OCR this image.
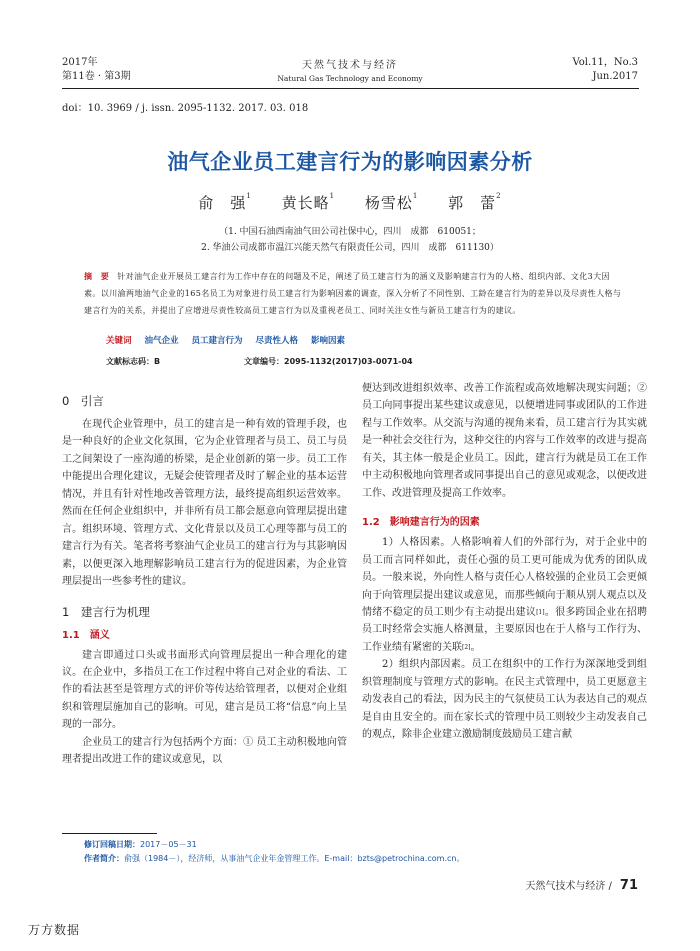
2017年
第11卷 · 第3期
天然气技术与经济
Natural Gas Technology and Economy
Vol.11，No.3
Jun.2017
doi：10. 3969 / j. issn. 2095-1132. 2017. 03. 018
油气企业员工建言行为的影响因素分析
俞　强$^1$ 黄长略$^1$ 杨雪松$^1$ 郭　蕾$^2$
（1. 中国石油西南油气田公司社保中心，四川　成都　610051；
2. 华油公司成都市温江兴能天然气有限责任公司，四川　成都　611130）
摘　要 针对油气企业开展员工建言行为工作中存在的问题及不足，阐述了员工建言行为的涵义及影响建言行为的人格、组织内部、文化3大因素。以川渝两地油气企业的165名员工为对象进行员工建言行为影响因素的调查，深入分析了不同性别、工龄在建言行为的差异以及尽责性人格与建言行为的关系，并提出了应增进尽责性较高员工建言行为以及重视老员工、同时关注女性与新员工建言行为的建议。
关键词 油气企业 员工建言行为 尽责性人格 影响因素
文献标志码：B	文章编号：2095-1132(2017)03-0071-04
0　引言

在现代企业管理中，员工的建言是一种有效的管理手段，也是一种良好的企业文化氛围，它为企业管理者与员工、员工与员工之间架设了一座沟通的桥梁，是企业创新的第一步。员工工作中能提出合理化建议，无疑会使管理者及时了解企业的基本运营情况，并且有针对性地改善管理方法，最终提高组织运营效率。然而在任何企业组织中，并非所有员工都会愿意向管理层提出建言。组织环境、管理方式、文化背景以及员工心理等都与员工的建言行为有关。笔者将考察油气企业员工的建言行为与其影响因素，以便更深入地理解影响员工建言行为的促进因素，为企业管理层提出一些参考性的建议。

1　建言行为机理
1.1　涵义

建言即通过口头或书面形式向管理层提出一种合理化的建议。在企业中，多指员工在工作过程中将自己对企业的看法、工作的看法甚至是管理方式的评价等传达给管理者，以便对企业组织和管理层施加自己的影响。可见，建言是员工将“信息”向上呈现的一部分。

企业员工的建言行为包括两个方面：① 员工主动积极地向管理者提出改进工作的建议或意见，以

便达到改进组织效率、改善工作流程或高效地解决现实问题；② 员工向同事提出某些建议或意见，以便增进同事或团队的工作进程与工作效率。从交流与沟通的视角来看，员工建言行为其实就是一种社会交往行为，这种交往的内容与工作效率的改进与提高有关，其主体一般是企业员工。因此，建言行为就是员工在工作中主动积极地向管理者或同事提出自己的意见或观念，以便改进工作、改进管理及提高工作效率。

1.2　影响建言行为的因素

1）人格因素。人格影响着人们的外部行为，对于企业中的员工而言同样如此，责任心强的员工更可能成为优秀的团队成员。一般来说，外向性人格与责任心人格较强的企业员工会更倾向于向管理层提出建议或意见，而那些倾向于顺从别人观点以及情绪不稳定的员工则少有主动提出建议[1]。很多跨国企业在招聘员工时经常会实施人格测量，主要原因也在于人格与工作行为、工作业绩有紧密的关联[2]。

2）组织内部因素。员工在组织中的工作行为深深地受到组织管理制度与管理方式的影响。在民主式管理中，员工更愿意主动发表自己的看法，因为民主的气氛使员工认为表达自己的观点是自由且安全的。而在家长式的管理中员工则较少主动发表自己的观点，除非企业建立激励制度鼓励员工建言献

修订回稿日期：2017－05－31
作者简介：俞强（1984－），经济师，从事油气企业年金管理工作。E-mail：bzts@petrochina.com.cn。
天然气技术与经济 / 71
万方数据
